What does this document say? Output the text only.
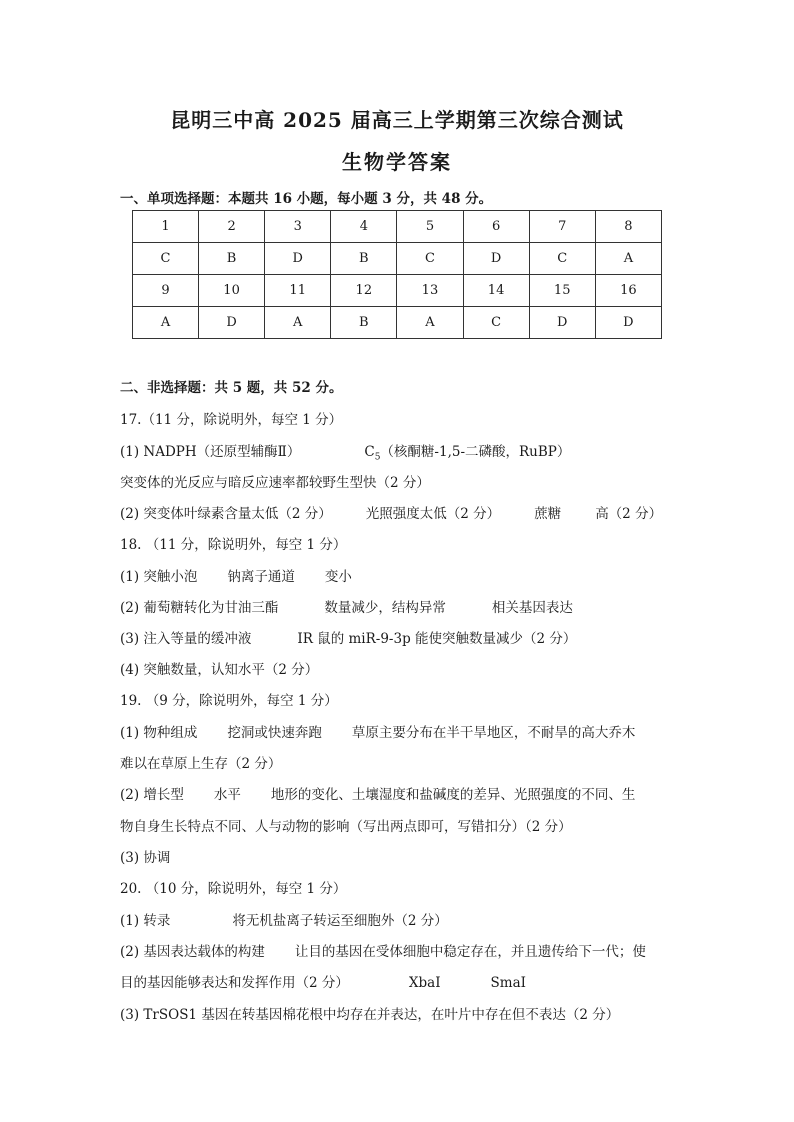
昆明三中高 2025 届高三上学期第三次综合测试
生物学答案
一、单项选择题：本题共 16 小题，每小题 3 分，共 48 分。
1	2	3	4	5	6	7	8
C	B	D	B	C	D	C	A
9	10	11	12	13	14	15	16
A	D	A	B	A	C	D	D
二、非选择题：共 5 题，共 52 分。
17.（11 分，除说明外，每空 1 分）
(1) NADPH（还原型辅酶Ⅱ）	$C_5$（核酮糖-1,5-二磷酸，RuBP）
突变体的光反应与暗反应速率都较野生型快（2 分）
(2) 突变体叶绿素含量太低（2 分）	光照强度太低（2 分）	蔗糖	高（2 分）
18. （11 分，除说明外，每空 1 分）
(1) 突触小泡 钠离子通道 变小
(2) 葡萄糖转化为甘油三酯	数量减少，结构异常	相关基因表达
(3) 注入等量的缓冲液	IR 鼠的 miR-9-3p 能使突触数量减少（2 分）
(4) 突触数量，认知水平（2 分）
19. （9 分，除说明外，每空 1 分）
(1) 物种组成 挖洞或快速奔跑 草原主要分布在半干旱地区，不耐旱的高大乔木
难以在草原上生存（2 分）
(2) 增长型 水平 地形的变化、土壤湿度和盐碱度的差异、光照强度的不同、生
物自身生长特点不同、人与动物的影响（写出两点即可，写错扣分）（2 分）
(3) 协调
20. （10 分，除说明外，每空 1 分）
(1) 转录	将无机盐离子转运至细胞外（2 分）
(2) 基因表达载体的构建 让目的基因在受体细胞中稳定存在，并且遗传给下一代；使
目的基因能够表达和发挥作用（2 分）	XbaI	SmaI
(3) TrSOS1 基因在转基因棉花根中均存在并表达，在叶片中存在但不表达（2 分）
